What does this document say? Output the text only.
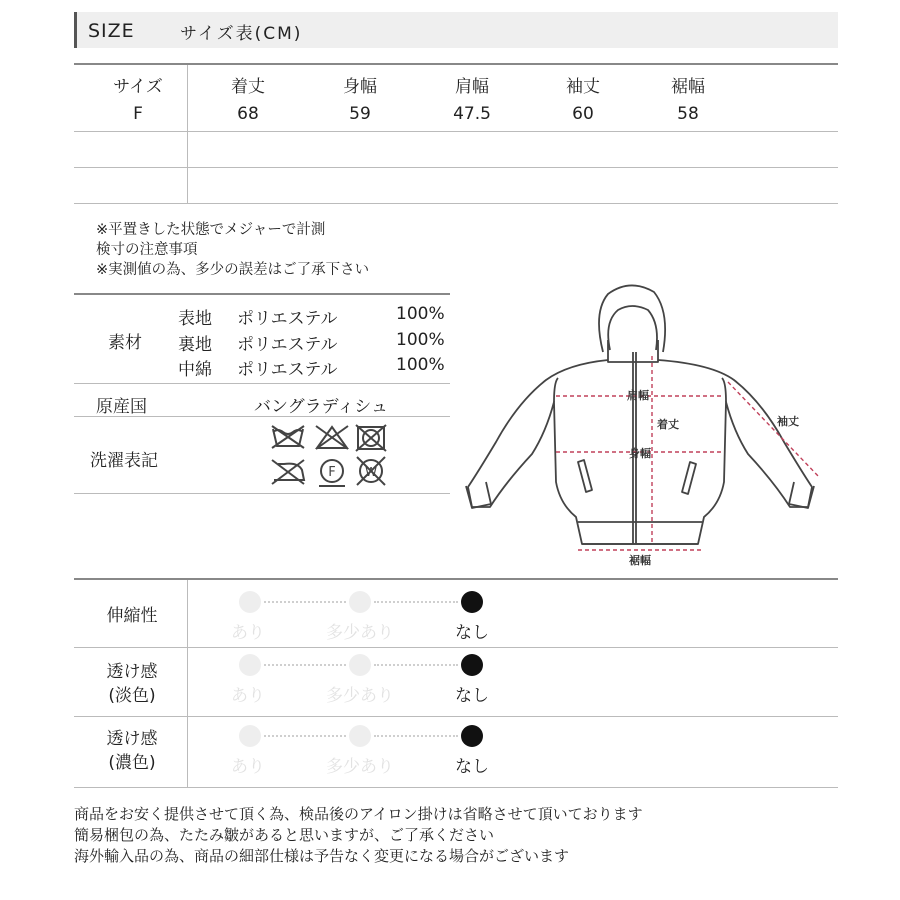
SIZE	サイズ表(CM)
サイズ	着丈	身幅	肩幅	袖丈	裾幅
F	68	59	47.5	60	58
※平置きした状態でメジャーで計測
検寸の注意事項
※実測値の為、多少の誤差はご了承下さい
素材
表地 ポリエステル	100%
裏地 ポリエステル	100%
中綿 ポリエステル	100%
原産国	バングラディシュ
洗濯表記
F W
肩幅
着丈
身幅
裾幅
袖丈
伸縮性
あり	多少あり	なし
透け感
(淡色)	あり	多少あり	なし
透け感
(濃色)	あり	多少あり	なし
商品をお安く提供させて頂く為、検品後のアイロン掛けは省略させて頂いております
簡易梱包の為、たたみ皺があると思いますが、ご了承ください
海外輸入品の為、商品の細部仕様は予告なく変更になる場合がございます
